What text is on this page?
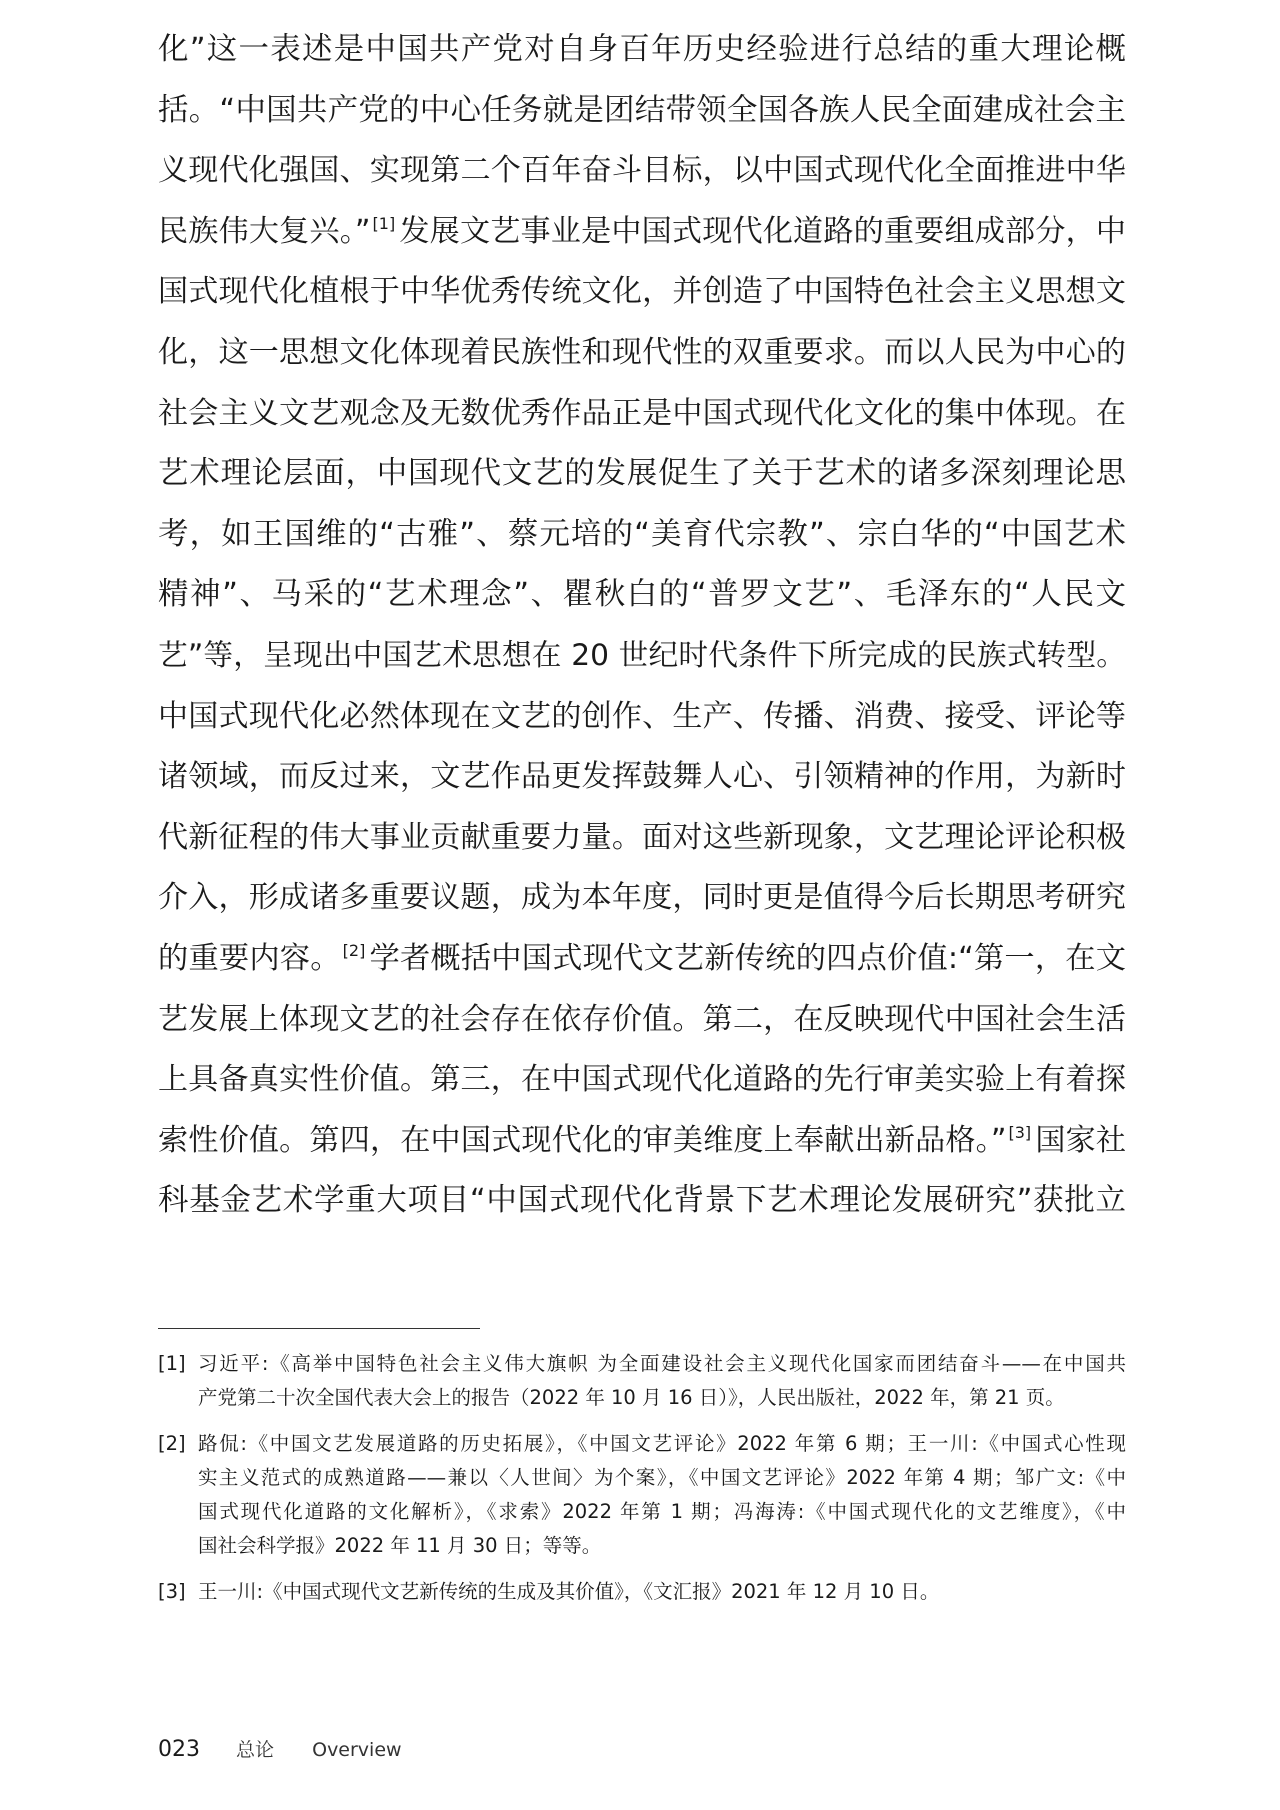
化”这一表述是中国共产党对自身百年历史经验进行总结的重大理论概
括。“中国共产党的中心任务就是团结带领全国各族人民全面建成社会主
义现代化强国、实现第二个百年奋斗目标，以中国式现代化全面推进中华
民族伟大复兴。” [1] 发展文艺事业是中国式现代化道路的重要组成部分，中
国式现代化植根于中华优秀传统文化，并创造了中国特色社会主义思想文
化，这一思想文化体现着民族性和现代性的双重要求。而以人民为中心的
社会主义文艺观念及无数优秀作品正是中国式现代化文化的集中体现。在
艺术理论层面，中国现代文艺的发展促生了关于艺术的诸多深刻理论思
考，如王国维的“古雅”、蔡元培的“美育代宗教”、宗白华的“中国艺术
精神”、马采的“艺术理念”、瞿秋白的“普罗文艺”、毛泽东的“人民文
艺”等，呈现出中国艺术思想在 20 世纪时代条件下所完成的民族式转型。
中国式现代化必然体现在文艺的创作、生产、传播、消费、接受、评论等
诸领域，而反过来，文艺作品更发挥鼓舞人心、引领精神的作用，为新时
代新征程的伟大事业贡献重要力量。面对这些新现象，文艺理论评论积极
介入，形成诸多重要议题，成为本年度，同时更是值得今后长期思考研究
的重要内容。 [2] 学者概括中国式现代文艺新传统的四点价值:“第一，在文
艺发展上体现文艺的社会存在依存价值。第二，在反映现代中国社会生活
上具备真实性价值。第三，在中国式现代化道路的先行审美实验上有着探
索性价值。第四，在中国式现代化的审美维度上奉献出新品格。” [3] 国家社
科基金艺术学重大项目“中国式现代化背景下艺术理论发展研究”获批立
[1] 习近平:《高举中国特色社会主义伟大旗帜 为全面建设社会主义现代化国家而团结奋斗——在中国共
产党第二十次全国代表大会上的报告（2022 年 10 月 16 日）》，人民出版社，2022 年，第 21 页。
[2] 路侃:《中国文艺发展道路的历史拓展》，《中国文艺评论》2022 年第 6 期；王一川:《中国式心性现
实主义范式的成熟道路——兼以〈人世间〉为个案》，《中国文艺评论》2022 年第 4 期；邹广文:《中
国式现代化道路的文化解析》，《求索》2022 年第 1 期；冯海涛:《中国式现代化的文艺维度》，《中
国社会科学报》2022 年 11 月 30 日；等等。
[3] 王一川:《中国式现代文艺新传统的生成及其价值》，《文汇报》2021 年 12 月 10 日。
023 总论 Overview
